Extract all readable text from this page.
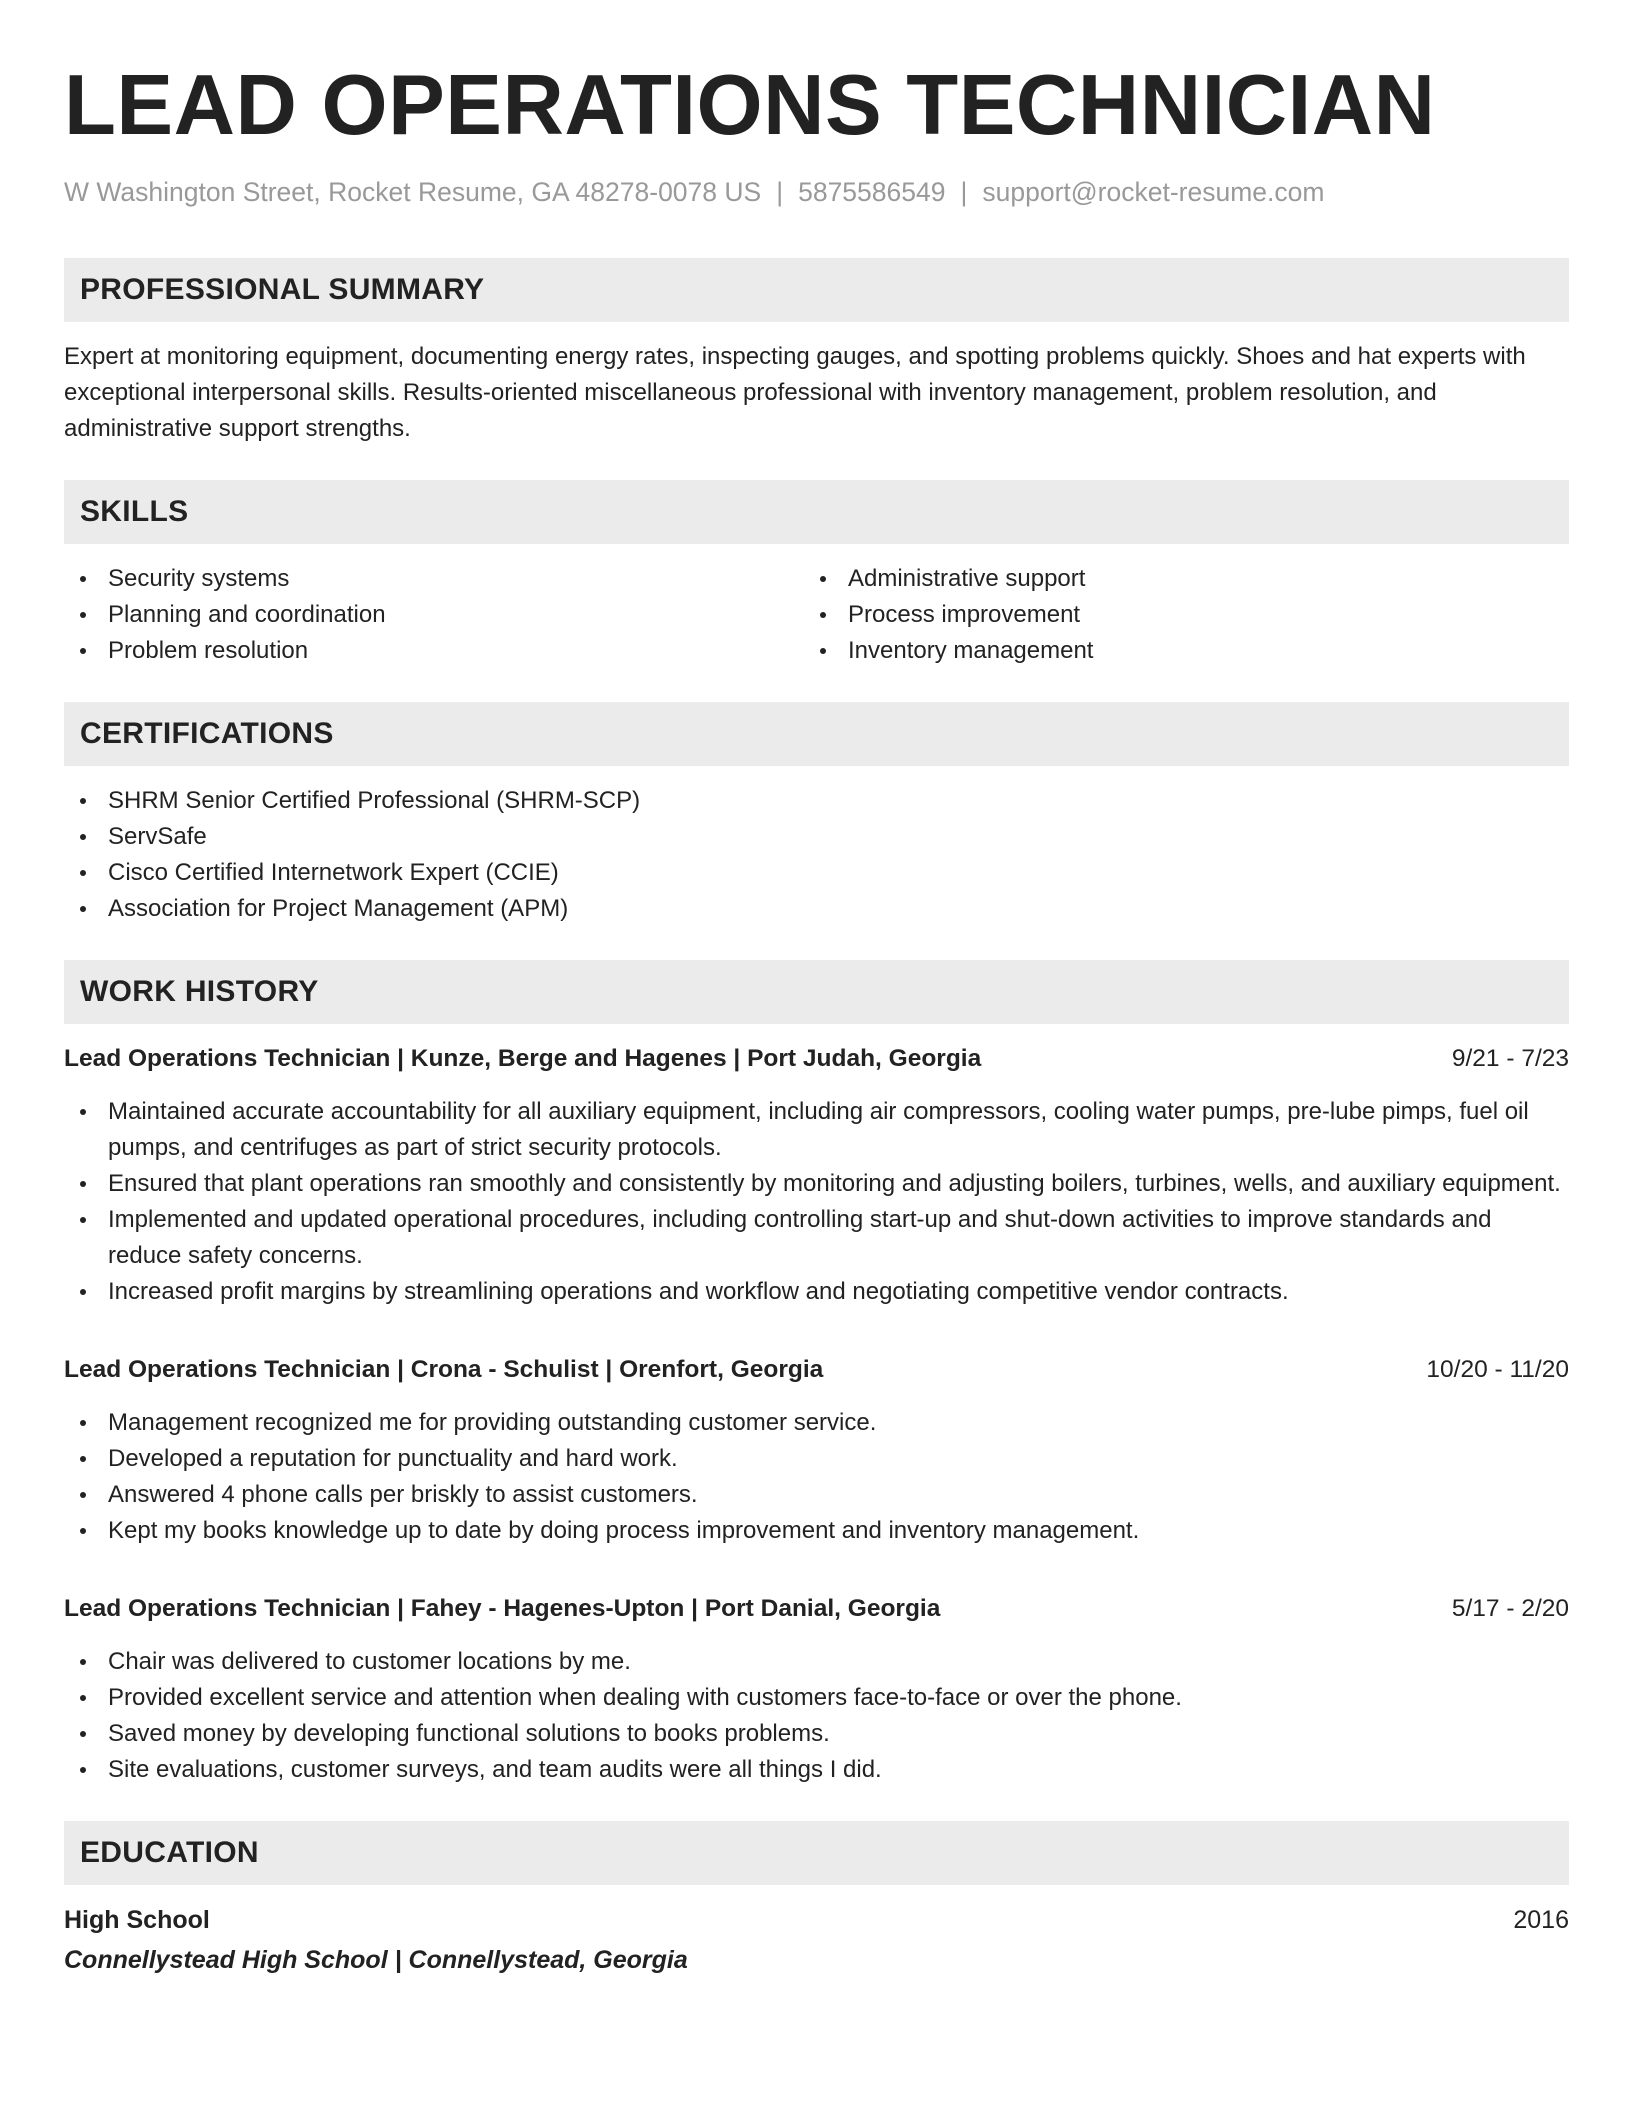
LEAD OPERATIONS TECHNICIAN
W Washington Street, Rocket Resume, GA 48278-0078 US | 5875586549 | support@rocket-resume.com
PROFESSIONAL SUMMARY
Expert at monitoring equipment, documenting energy rates, inspecting gauges, and spotting problems quickly. Shoes and hat experts with exceptional interpersonal skills. Results-oriented miscellaneous professional with inventory management, problem resolution, and administrative support strengths.
SKILLS
Security systems
Planning and coordination
Problem resolution
Administrative support
Process improvement
Inventory management
CERTIFICATIONS
SHRM Senior Certified Professional (SHRM-SCP)
ServSafe
Cisco Certified Internetwork Expert (CCIE)
Association for Project Management (APM)
WORK HISTORY
Lead Operations Technician | Kunze, Berge and Hagenes | Port Judah, Georgia	9/21 - 7/23
Maintained accurate accountability for all auxiliary equipment, including air compressors, cooling water pumps, pre-lube pimps, fuel oil pumps, and centrifuges as part of strict security protocols.
Ensured that plant operations ran smoothly and consistently by monitoring and adjusting boilers, turbines, wells, and auxiliary equipment.
Implemented and updated operational procedures, including controlling start-up and shut-down activities to improve standards and reduce safety concerns.
Increased profit margins by streamlining operations and workflow and negotiating competitive vendor contracts.
Lead Operations Technician | Crona - Schulist | Orenfort, Georgia	10/20 - 11/20
Management recognized me for providing outstanding customer service.
Developed a reputation for punctuality and hard work.
Answered 4 phone calls per briskly to assist customers.
Kept my books knowledge up to date by doing process improvement and inventory management.
Lead Operations Technician | Fahey - Hagenes-Upton | Port Danial, Georgia	5/17 - 2/20
Chair was delivered to customer locations by me.
Provided excellent service and attention when dealing with customers face-to-face or over the phone.
Saved money by developing functional solutions to books problems.
Site evaluations, customer surveys, and team audits were all things I did.
EDUCATION
High School	2016
Connellystead High School | Connellystead, Georgia
